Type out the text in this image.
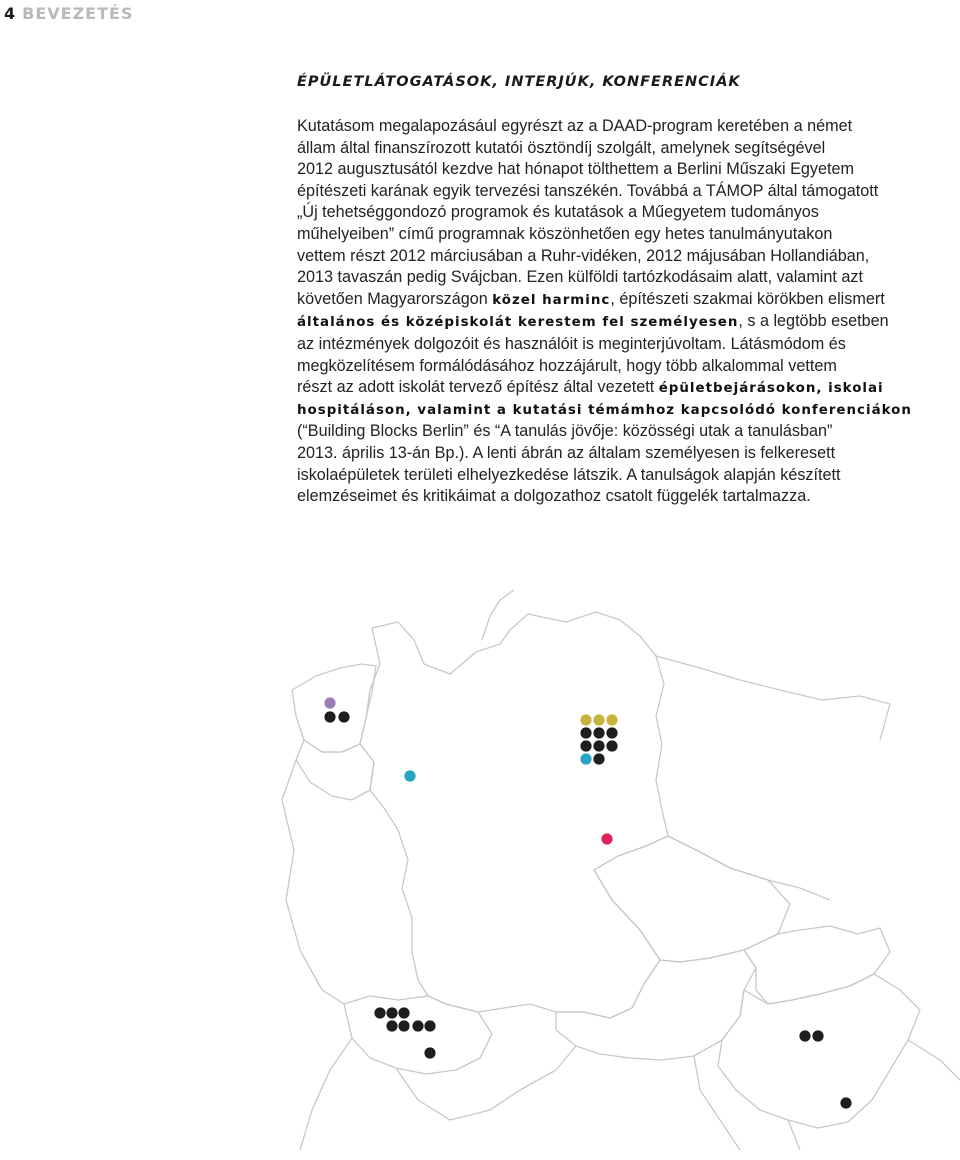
4 BEVEZETÉS
ÉPÜLETLÁTOGATÁSOK, INTERJÚK, KONFERENCIÁK
Kutatásom megalapozásául egyrészt az a DAAD-program keretében a német
állam által finanszírozott kutatói ösztöndíj szolgált, amelynek segítségével
2012 augusztusától kezdve hat hónapot tölthettem a Berlini Műszaki Egyetem
építészeti karának egyik tervezési tanszékén. Továbbá a TÁMOP által támogatott
„Új tehetséggondozó programok és kutatások a Műegyetem tudományos
műhelyeiben” című programnak köszönhetően egy hetes tanulmányutakon
vettem részt 2012 márciusában a Ruhr-vidéken, 2012 májusában Hollandiában,
2013 tavaszán pedig Svájcban. Ezen külföldi tartózkodásaim alatt, valamint azt
követően Magyarországon közel harminc, építészeti szakmai körökben elismert
általános és középiskolát kerestem fel személyesen, s a legtöbb esetben
az intézmények dolgozóit és használóit is meginterjúvoltam. Látásmódom és
megközelítésem formálódásához hozzájárult, hogy több alkalommal vettem
részt az adott iskolát tervező építész által vezetett épületbejárásokon, iskolai
hospitáláson, valamint a kutatási témámhoz kapcsolódó konferenciákon
(“Building Blocks Berlin” és “A tanulás jövője: közösségi utak a tanulásban”
2013. április 13-án Bp.). A lenti ábrán az általam személyesen is felkeresett
iskolaépületek területi elhelyezkedése látszik. A tanulságok alapján készített
elemzéseimet és kritikáimat a dolgozathoz csatolt függelék tartalmazza.
